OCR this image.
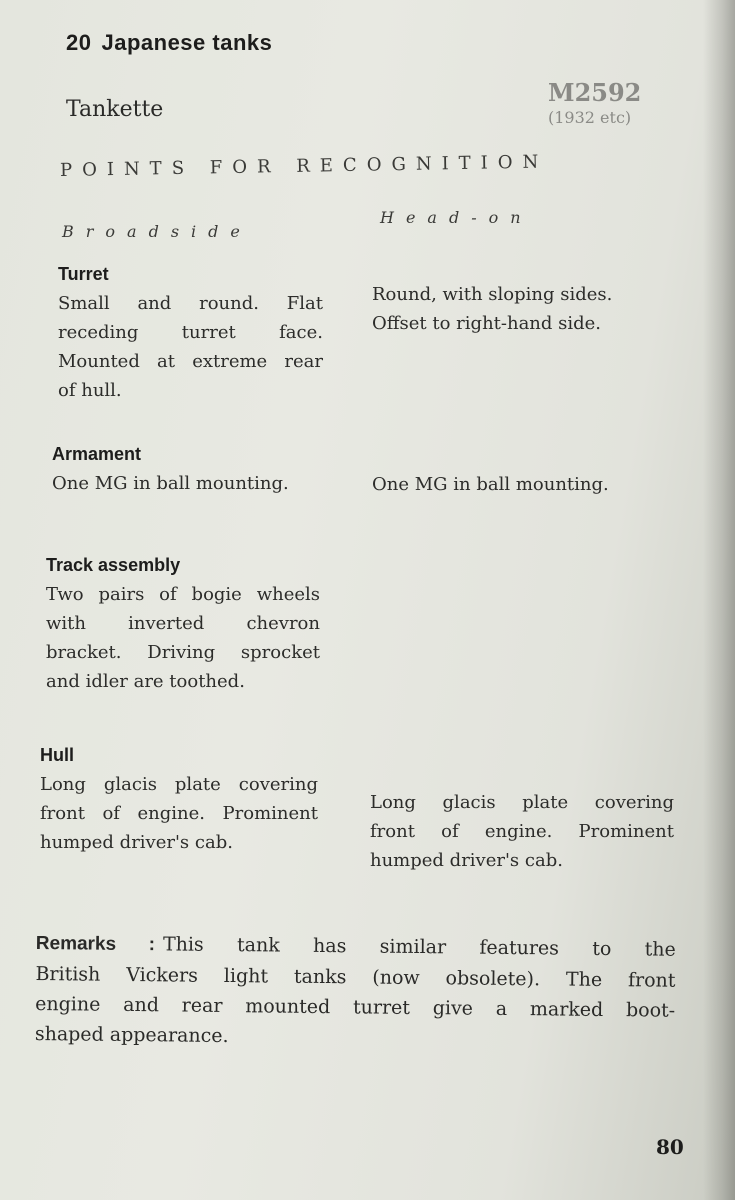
20 Japanese tanks
Tankette
M2592
(1932 etc)
POINTS FOR RECOGNITION
Broadside
Head-on
Turret
Small and round. Flat
receding turret face.
Mounted at extreme rear
of hull.
Round, with sloping sides.
Offset to right-hand side.
Armament
One MG in ball mounting.	One MG in ball mounting.
Track assembly
Two pairs of bogie wheels
with inverted chevron
bracket. Driving sprocket
and idler are toothed.
Hull
Long glacis plate covering
front of engine. Prominent
humped driver's cab.
Long glacis plate covering
front of engine. Prominent
humped driver's cab.
Remarks : This tank has similar features to the
British Vickers light tanks (now obsolete). The front
engine and rear mounted turret give a marked boot-
shaped appearance.
80
